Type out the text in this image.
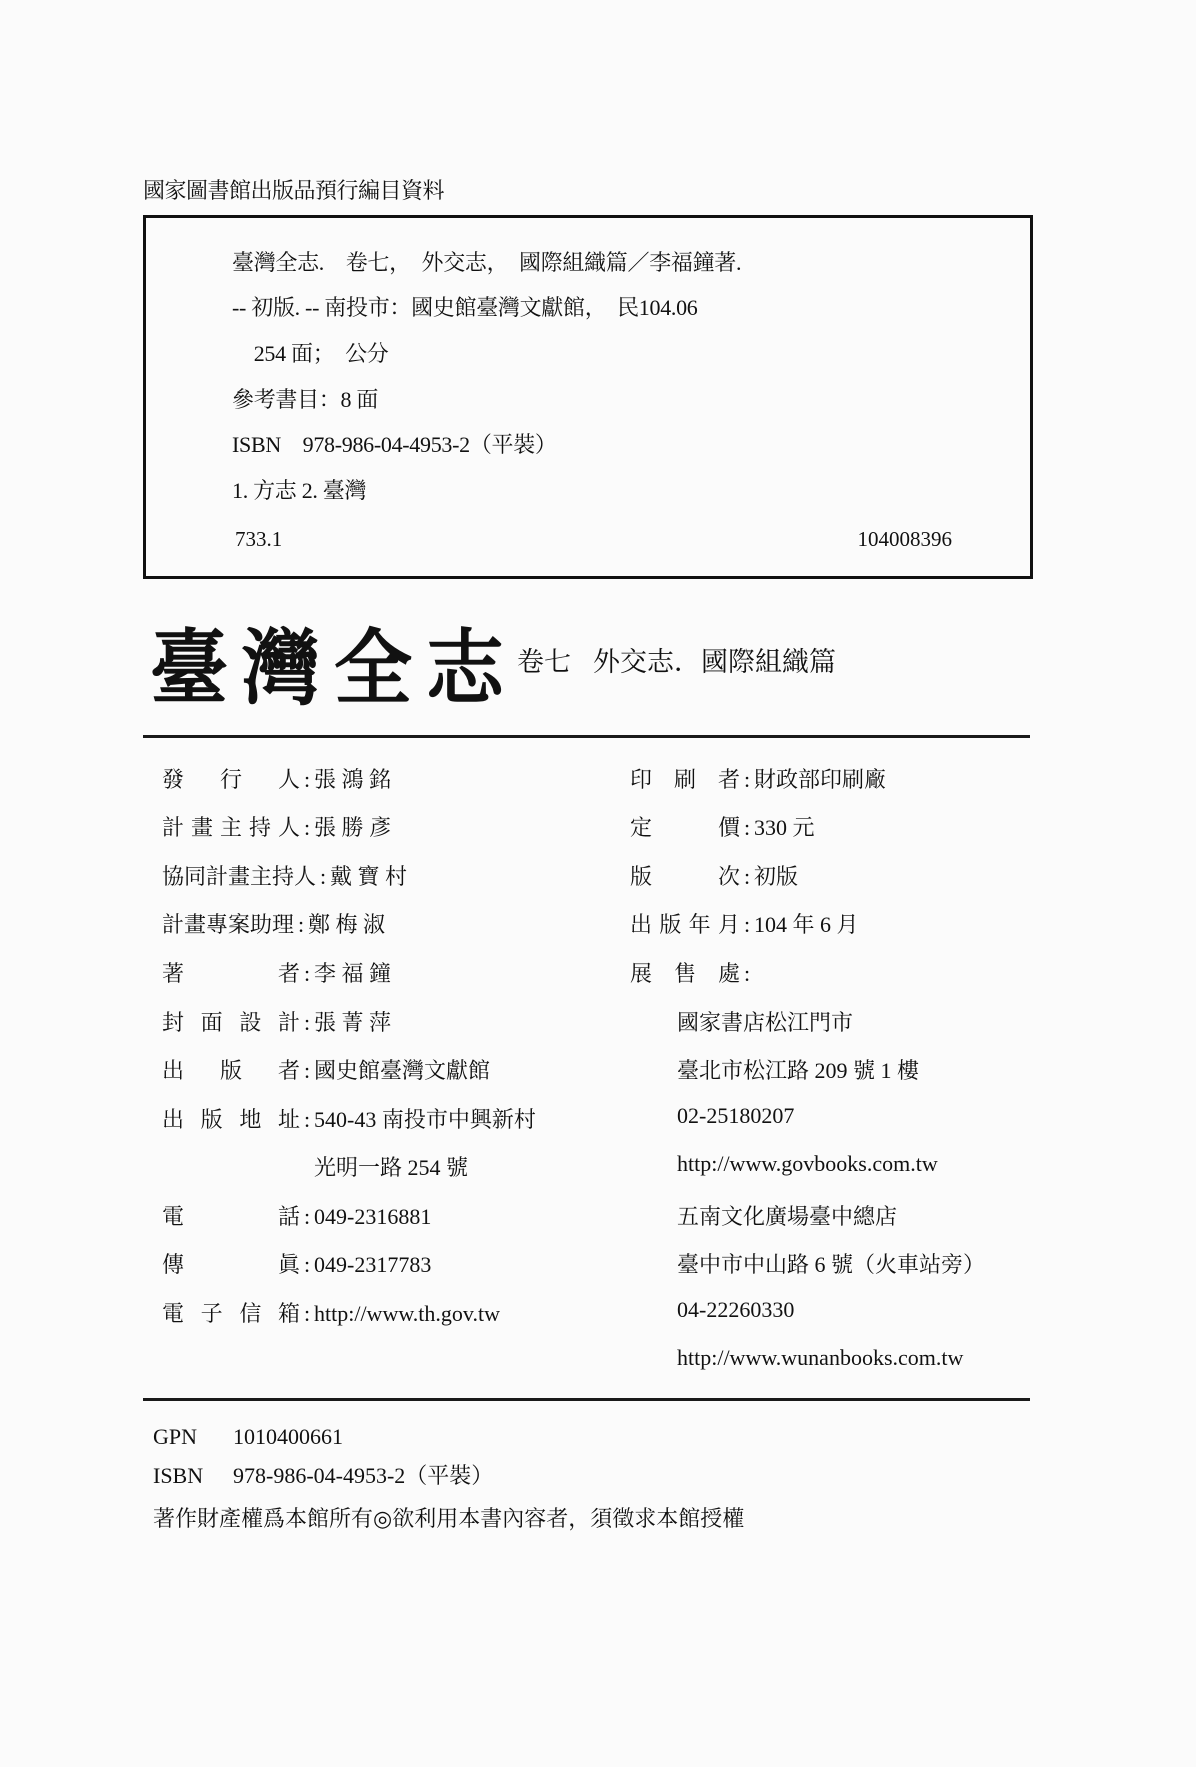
國家圖書館出版品預行編目資料
臺灣全志.　卷七，　外交志，　國際組織篇／李福鐘著.
-- 初版. -- 南投市：國史館臺灣文獻館，　民104.06
　254 面；　公分
參考書目：8 面
ISBN　978-986-04-4953-2（平裝）
1. 方志 2. 臺灣
733.1	104008396
臺灣全志
卷七 外交志．國際組織篇
發　行　人 : 張 鴻 銘
計畫主持人 : 張 勝 彥
協同計畫主持人 : 戴 寶 村
計畫專案助理 : 鄭 梅 淑
著　　　者 : 李 福 鐘
封 面 設 計 : 張 菁 萍
出　版　者 : 國史館臺灣文獻館
出 版 地 址 : 540-43 南投市中興新村
光明一路 254 號
電　　　話 : 049-2316881
傳　　　眞 : 049-2317783
電 子 信 箱 : http://www.th.gov.tw
印　刷　者 : 財政部印刷廠
定　　　價 : 330 元
版　　　次 : 初版
出版年月 : 104 年 6 月
展　售　處 :
國家書店松江門市
臺北市松江路 209 號 1 樓
02-25180207
http://www.govbooks.com.tw
五南文化廣場臺中總店
臺中市中山路 6 號（火車站旁）
04-22260330
http://www.wunanbooks.com.tw
GPN 1010400661
ISBN 978-986-04-4953-2（平裝）
著作財產權爲本館所有◎欲利用本書內容者，須徵求本館授權
